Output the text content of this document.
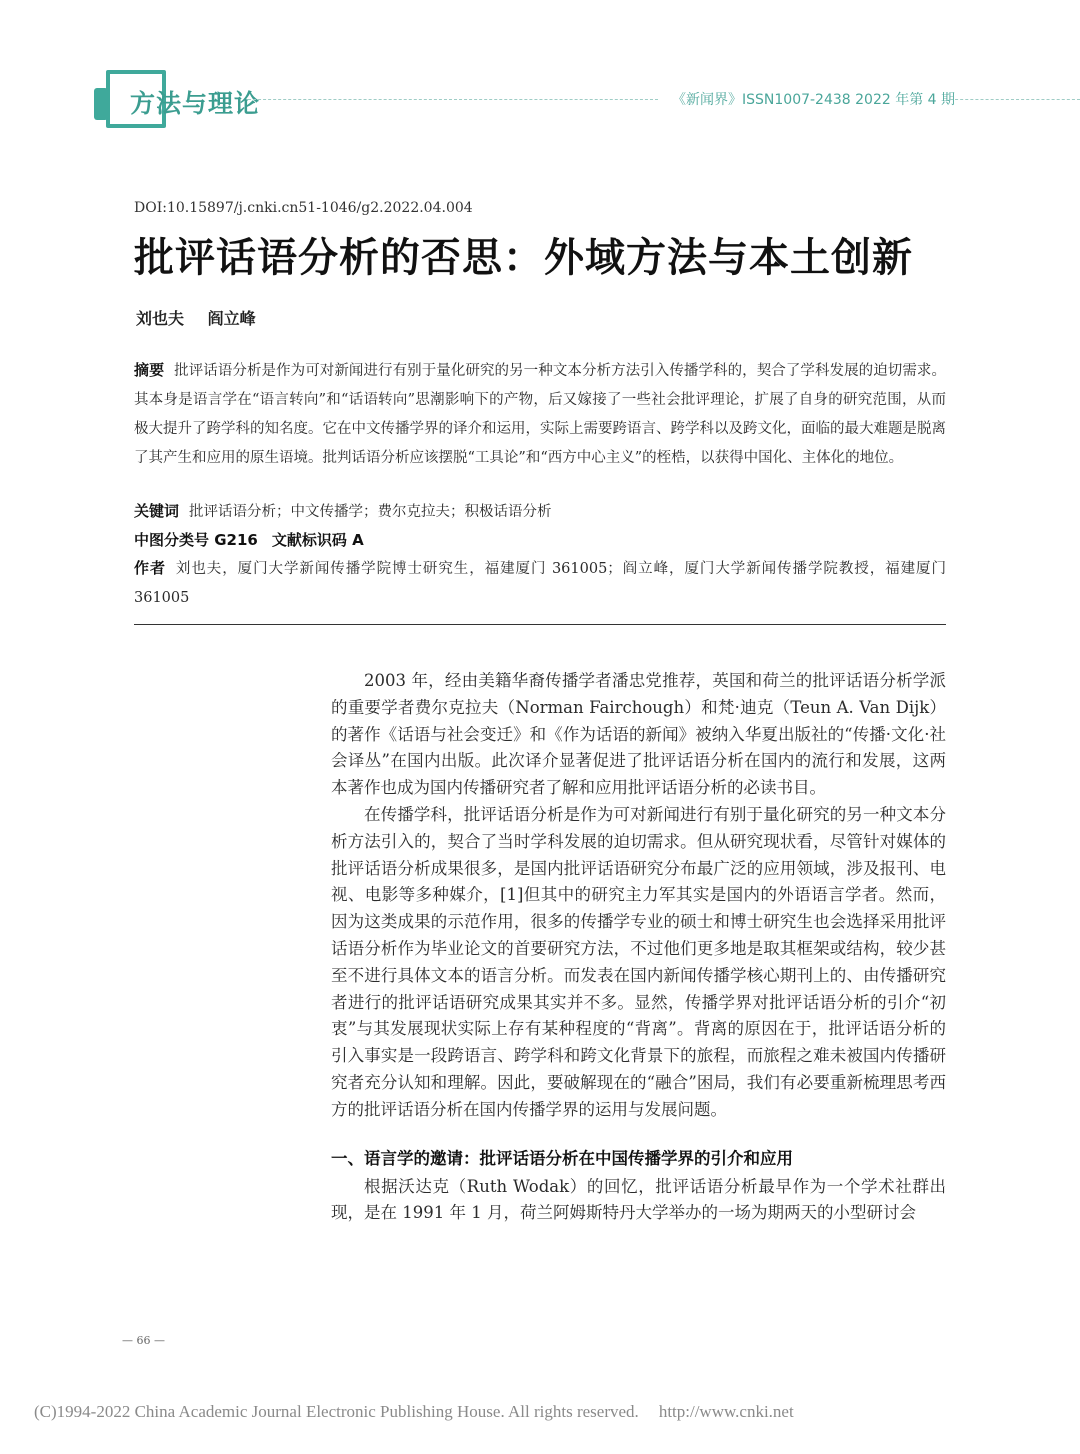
方法与理论	《新闻界》ISSN1007-2438 2022 年第 4 期
DOI:10.15897/j.cnki.cn51-1046/g2.2022.04.004
批评话语分析的否思：外域方法与本土创新
刘也夫 阎立峰
摘要 批评话语分析是作为可对新闻进行有别于量化研究的另一种文本分析方法引入传播学科的，契合了学科发展的迫切需求。其本身是语言学在“语言转向”和“话语转向”思潮影响下的产物，后又嫁接了一些社会批评理论，扩展了自身的研究范围，从而极大提升了跨学科的知名度。它在中文传播学界的译介和运用，实际上需要跨语言、跨学科以及跨文化，面临的最大难题是脱离了其产生和应用的原生语境。批判话语分析应该摆脱“工具论”和“西方中心主义”的桎梏，以获得中国化、主体化的地位。
关键词 批评话语分析；中文传播学；费尔克拉夫；积极话语分析
中图分类号 G216 文献标识码 A
作者 刘也夫，厦门大学新闻传播学院博士研究生，福建厦门 361005；阎立峰，厦门大学新闻传播学院教授，福建厦门 361005

2003 年，经由美籍华裔传播学者潘忠党推荐，英国和荷兰的批评话语分析学派的重要学者费尔克拉夫（Norman Fairchough）和梵·迪克（Teun A. Van Dijk）的著作《话语与社会变迁》和《作为话语的新闻》被纳入华夏出版社的“传播·文化·社会译丛”在国内出版。此次译介显著促进了批评话语分析在国内的流行和发展，这两本著作也成为国内传播研究者了解和应用批评话语分析的必读书目。

在传播学科，批评话语分析是作为可对新闻进行有别于量化研究的另一种文本分析方法引入的，契合了当时学科发展的迫切需求。但从研究现状看，尽管针对媒体的批评话语分析成果很多，是国内批评话语研究分布最广泛的应用领域，涉及报刊、电视、电影等多种媒介，[1]但其中的研究主力军其实是国内的外语语言学者。然而，因为这类成果的示范作用，很多的传播学专业的硕士和博士研究生也会选择采用批评话语分析作为毕业论文的首要研究方法，不过他们更多地是取其框架或结构，较少甚至不进行具体文本的语言分析。而发表在国内新闻传播学核心期刊上的、由传播研究者进行的批评话语研究成果其实并不多。显然，传播学界对批评话语分析的引介“初衷”与其发展现状实际上存有某种程度的“背离”。背离的原因在于，批评话语分析的引入事实是一段跨语言、跨学科和跨文化背景下的旅程，而旅程之难未被国内传播研究者充分认知和理解。因此，要破解现在的“融合”困局，我们有必要重新梳理思考西方的批评话语分析在国内传播学界的运用与发展问题。

一、语言学的邀请：批评话语分析在中国传播学界的引介和应用

根据沃达克（Ruth Wodak）的回忆，批评话语分析最早作为一个学术社群出现，是在 1991 年 1 月，荷兰阿姆斯特丹大学举办的一场为期两天的小型研讨会

— 66 —
(C)1994-2022 China Academic Journal Electronic Publishing House. All rights reserved. http://www.cnki.net
